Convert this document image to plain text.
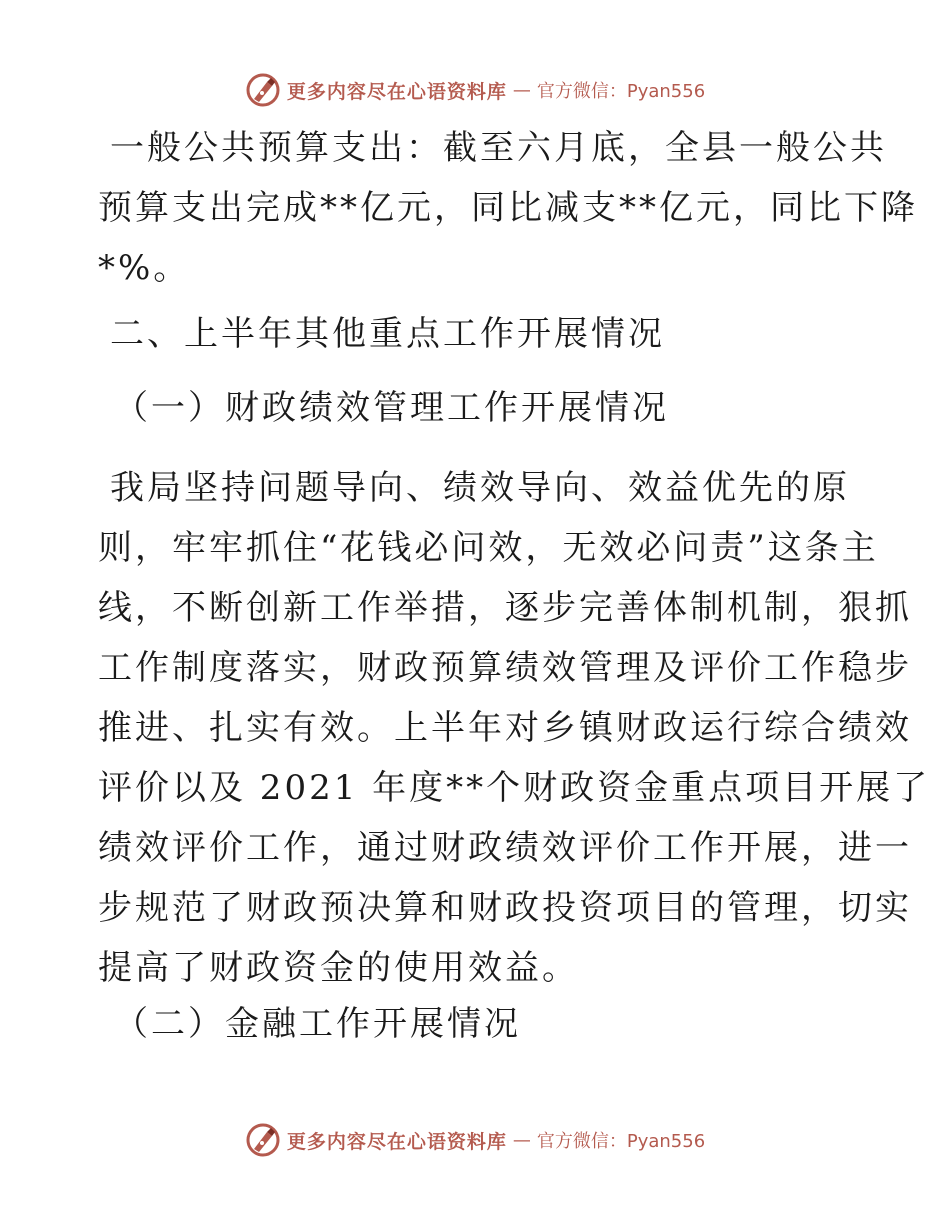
更多内容尽在心语资料库 — 官方微信：Pyan556
一般公共预算支出：截至六月底，全县一般公共
预算支出完成**亿元，同比减支**亿元，同比下降
*%。
二、上半年其他重点工作开展情况
（一）财政绩效管理工作开展情况
我局坚持问题导向、绩效导向、效益优先的原
则，牢牢抓住“花钱必问效，无效必问责”这条主
线，不断创新工作举措，逐步完善体制机制，狠抓
工作制度落实，财政预算绩效管理及评价工作稳步
推进、扎实有效。上半年对乡镇财政运行综合绩效
评价以及 2021 年度**个财政资金重点项目开展了
绩效评价工作，通过财政绩效评价工作开展，进一
步规范了财政预决算和财政投资项目的管理，切实
提高了财政资金的使用效益。
（二）金融工作开展情况
更多内容尽在心语资料库 — 官方微信：Pyan556
